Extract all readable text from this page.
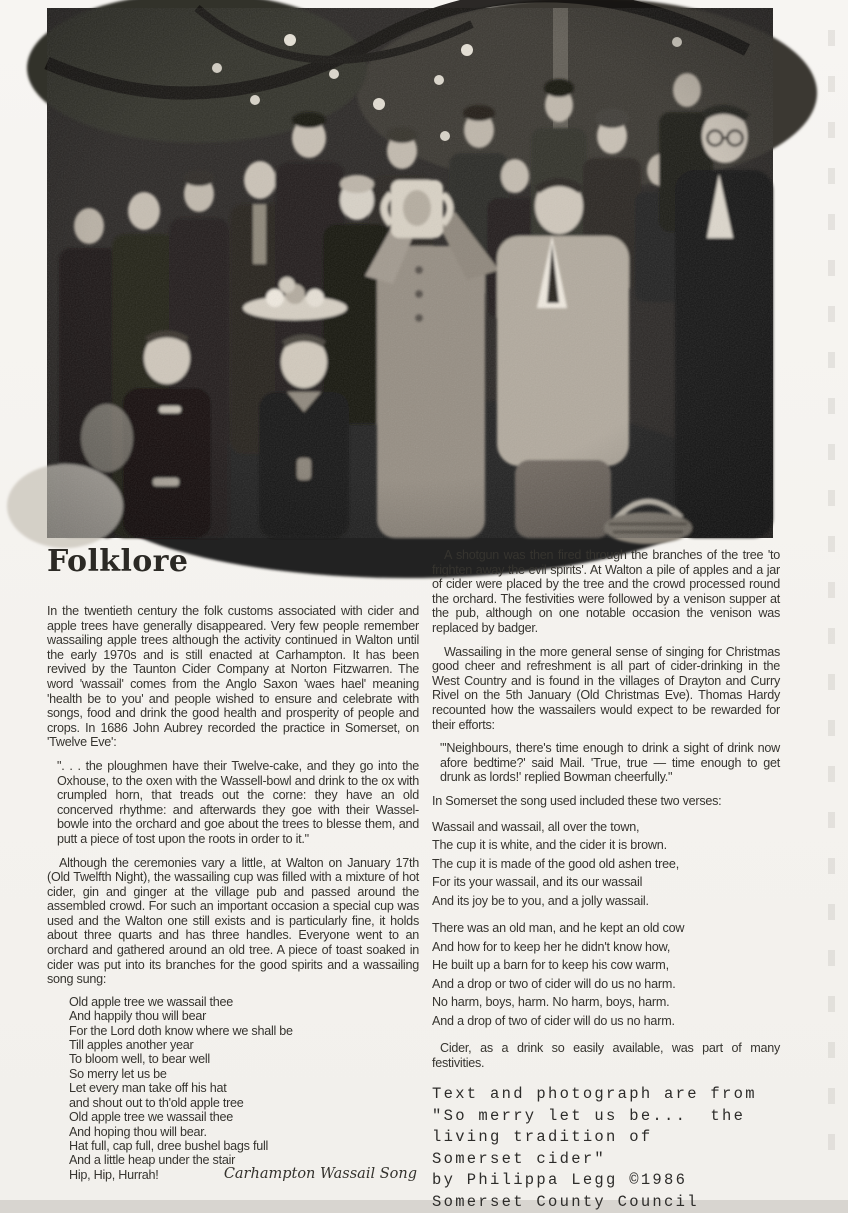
Folklore

In the twentieth century the folk customs associated with cider and apple trees have generally disappeared. Very few people remember wassailing apple trees although the activity continued in Walton until the early 1970s and is still enacted at Carhampton. It has been revived by the Taunton Cider Company at Norton Fitzwarren. The word 'wassail' comes from the Anglo Saxon 'waes hael' meaning 'health be to you' and people wished to ensure and celebrate with songs, food and drink the good health and prosperity of people and crops. In 1686 John Aubrey recorded the practice in Somerset, on 'Twelve Eve':

". . . the ploughmen have their Twelve-cake, and they go into the Oxhouse, to the oxen with the Wassell-bowl and drink to the ox with crumpled horn, that treads out the corne: they have an old concerved rhythme: and afterwards they goe with their Wassel-bowle into the orchard and goe about the trees to blesse them, and putt a piece of tost upon the roots in order to it."

Although the ceremonies vary a little, at Walton on January 17th (Old Twelfth Night), the wassailing cup was filled with a mixture of hot cider, gin and ginger at the village pub and passed around the assembled crowd. For such an important occasion a special cup was used and the Walton one still exists and is particularly fine, it holds about three quarts and has three handles. Everyone went to an orchard and gathered around an old tree. A piece of toast soaked in cider was put into its branches for the good spirits and a wassailing song sung:

Old apple tree we wassail thee
And happily thou will bear
For the Lord doth know where we shall be
Till apples another year
To bloom well, to bear well
So merry let us be
Let every man take off his hat
and shout out to th'old apple tree
Old apple tree we wassail thee
And hoping thou will bear.
Hat full, cap full, dree bushel bags full
And a little heap under the stair
Hip, Hip, Hurrah!	Carhampton Wassail Song

A shotgun was then fired through the branches of the tree 'to frighten away the evil spirits'. At Walton a pile of apples and a jar of cider were placed by the tree and the crowd processed round the orchard. The festivities were followed by a venison supper at the pub, although on one notable occasion the venison was replaced by badger.

Wassailing in the more general sense of singing for Christmas good cheer and refreshment is all part of cider-drinking in the West Country and is found in the villages of Drayton and Curry Rivel on the 5th January (Old Christmas Eve). Thomas Hardy recounted how the wassailers would expect to be rewarded for their efforts:

"'Neighbours, there's time enough to drink a sight of drink now afore bedtime?' said Mail. 'True, true — time enough to get drunk as lords!' replied Bowman cheerfully."

In Somerset the song used included these two verses:

Wassail and wassail, all over the town,
The cup it is white, and the cider it is brown.
The cup it is made of the good old ashen tree,
For its your wassail, and its our wassail
And its joy be to you, and a jolly wassail.
There was an old man, and he kept an old cow
And how for to keep her he didn't know how,
He built up a barn for to keep his cow warm,
And a drop or two of cider will do us no harm.
No harm, boys, harm. No harm, boys, harm.
And a drop of two of cider will do us no harm.

Cider, as a drink so easily available, was part of many festivities.

Text and photograph are from
"So merry let us be...  the
living tradition of
Somerset cider"
by Philippa Legg ©1986
Somerset County Council
